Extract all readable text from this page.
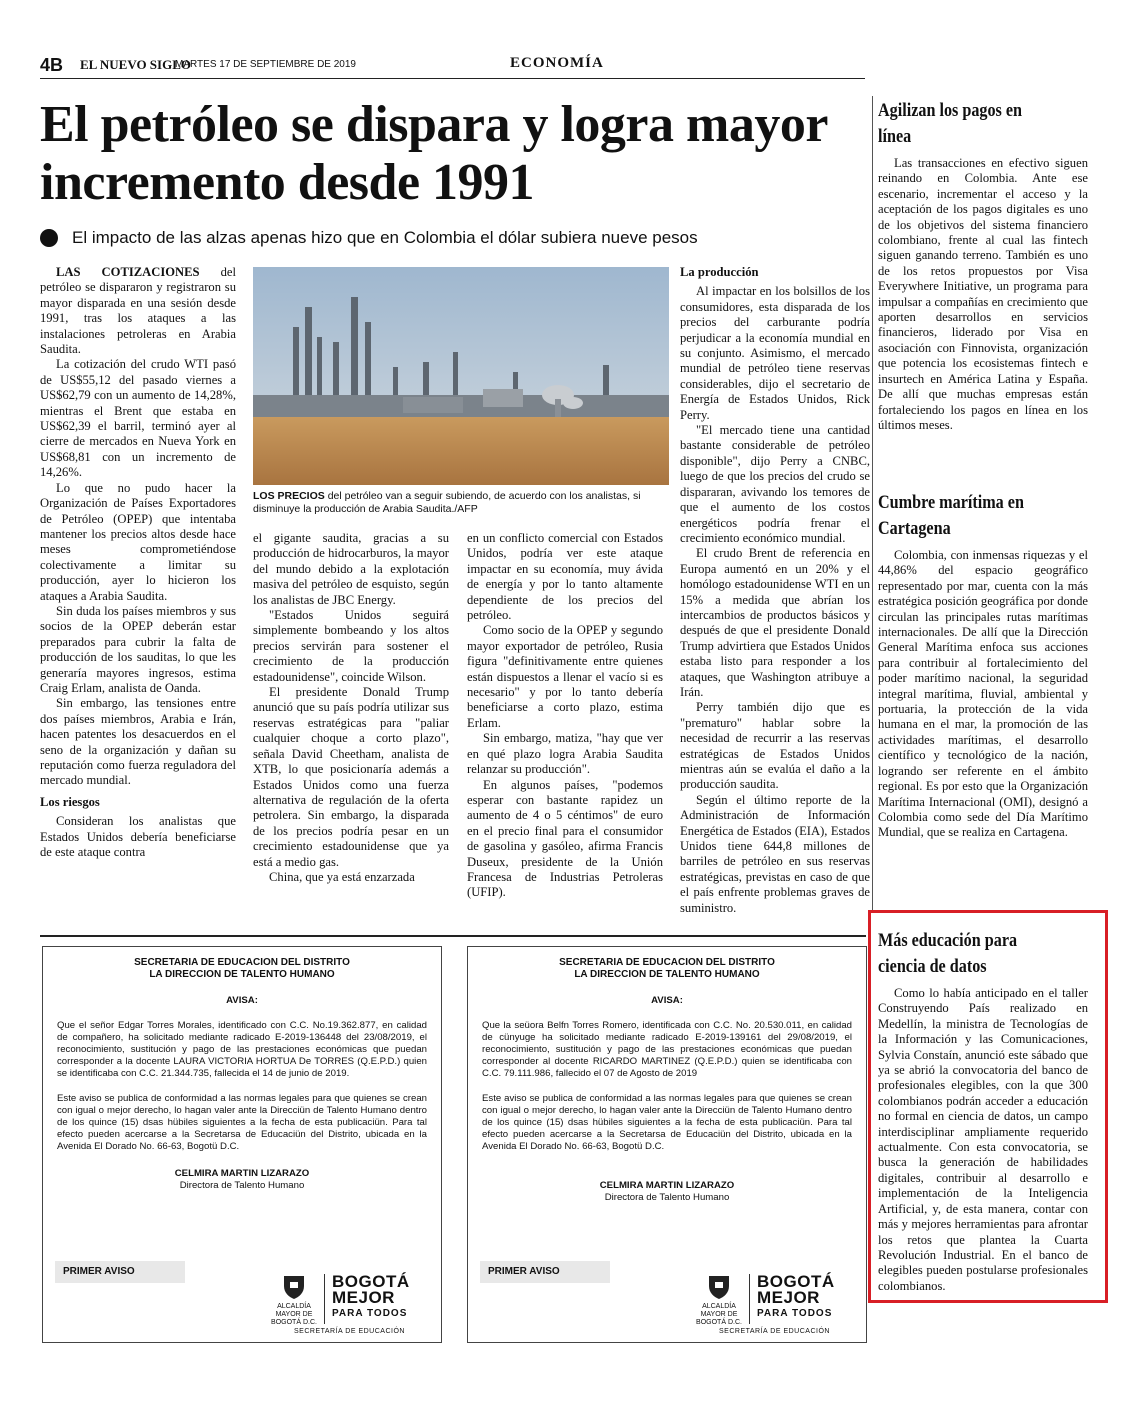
4B EL NUEVO SIGLO
MARTES 17 DE SEPTIEMBRE DE 2019	ECONOMÍA
El petróleo se dispara y logra mayor incremento desde 1991
El impacto de las alzas apenas hizo que en Colombia el dólar subiera nueve pesos

LAS COTIZACIONES del petróleo se dispararon y registraron su mayor disparada en una sesión desde 1991, tras los ataques a las instalaciones petroleras en Arabia Saudita.

La cotización del crudo WTI pasó de US$55,12 del pasado viernes a US$62,79 con un aumento de 14,28%, mientras el Brent que estaba en US$62,39 el barril, terminó ayer al cierre de mercados en Nueva York en US$68,81 con un incremento de 14,26%.

Lo que no pudo hacer la Organización de Países Exportadores de Petróleo (OPEP) que intentaba mantener los precios altos desde hace meses comprometiéndose colectivamente a limitar su producción, ayer lo hicieron los ataques a Arabia Saudita.

Sin duda los países miembros y sus socios de la OPEP deberán estar preparados para cubrir la falta de producción de los sauditas, lo que les generaría mayores ingresos, estima Craig Erlam, analista de Oanda.

Sin embargo, las tensiones entre dos países miembros, Arabia e Irán, hacen patentes los desacuerdos en el seno de la organización y dañan su reputación como fuerza reguladora del mercado mundial.

Los riesgos

Consideran los analistas que Estados Unidos debería beneficiarse de este ataque contra

LOS PRECIOS del petróleo van a seguir subiendo, de acuerdo con los analistas, si disminuye la producción de Arabia Saudita./AFP

el gigante saudita, gracias a su producción de hidrocarburos, la mayor del mundo debido a la explotación masiva del petróleo de esquisto, según los analistas de JBC Energy.

"Estados Unidos seguirá simplemente bombeando y los altos precios servirán para sostener el crecimiento de la producción estadounidense", coincide Wilson.

El presidente Donald Trump anunció que su país podría utilizar sus reservas estratégicas para "paliar cualquier choque a corto plazo", señala David Cheetham, analista de XTB, lo que posicionaría además a Estados Unidos como una fuerza alternativa de regulación de la oferta petrolera. Sin embargo, la disparada de los precios podría pesar en un crecimiento estadounidense que ya está a medio gas.

China, que ya está enzarzada

en un conflicto comercial con Estados Unidos, podría ver este ataque impactar en su economía, muy ávida de energía y por lo tanto altamente dependiente de los precios del petróleo.

Como socio de la OPEP y segundo mayor exportador de petróleo, Rusia figura "definitivamente entre quienes están dispuestos a llenar el vacío si es necesario" y por lo tanto debería beneficiarse a corto plazo, estima Erlam.

Sin embargo, matiza, "hay que ver en qué plazo logra Arabia Saudita relanzar su producción".

En algunos países, "podemos esperar con bastante rapidez un aumento de 4 o 5 céntimos" de euro en el precio final para el consumidor de gasolina y gasóleo, afirma Francis Duseux, presidente de la Unión Francesa de Industrias Petroleras (UFIP).

La producción

Al impactar en los bolsillos de los consumidores, esta disparada de los precios del carburante podría perjudicar a la economía mundial en su conjunto. Asimismo, el mercado mundial de petróleo tiene reservas considerables, dijo el secretario de Energía de Estados Unidos, Rick Perry.

"El mercado tiene una cantidad bastante considerable de petróleo disponible", dijo Perry a CNBC, luego de que los precios del crudo se dispararan, avivando los temores de que el aumento de los costos energéticos podría frenar el crecimiento económico mundial.

El crudo Brent de referencia en Europa aumentó en un 20% y el homólogo estadounidense WTI en un 15% a medida que abrían los intercambios de productos básicos y después de que el presidente Donald Trump advirtiera que Estados Unidos estaba listo para responder a los ataques, que Washington atribuye a Irán.

Perry también dijo que es "prematuro" hablar sobre la necesidad de recurrir a las reservas estratégicas de Estados Unidos mientras aún se evalúa el daño a la producción saudita.

Según el último reporte de la Administración de Información Energética de Estados (EIA), Estados Unidos tiene 644,8 millones de barriles de petróleo en sus reservas estratégicas, previstas en caso de que el país enfrente problemas graves de suministro.

Agilizan los pagos en línea

Las transacciones en efectivo siguen reinando en Colombia. Ante ese escenario, incrementar el acceso y la aceptación de los pagos digitales es uno de los objetivos del sistema financiero colombiano, frente al cual las fintech siguen ganando terreno. También es uno de los retos propuestos por Visa Everywhere Initiative, un programa para impulsar a compañías en crecimiento que aporten desarrollos en servicios financieros, liderado por Visa en asociación con Finnovista, organización que potencia los ecosistemas fintech e insurtech en América Latina y España. De allí que muchas empresas están fortaleciendo los pagos en línea en los últimos meses.

Cumbre marítima en Cartagena

Colombia, con inmensas riquezas y el 44,86% del espacio geográfico representado por mar, cuenta con la más estratégica posición geográfica por donde circulan las principales rutas marítimas internacionales. De allí que la Dirección General Marítima enfoca sus acciones para contribuir al fortalecimiento del poder marítimo nacional, la seguridad integral marítima, fluvial, ambiental y portuaria, la protección de la vida humana en el mar, la promoción de las actividades marítimas, el desarrollo científico y tecnológico de la nación, logrando ser referente en el ámbito regional. Es por esto que la Organización Marítima Internacional (OMI), designó a Colombia como sede del Día Marítimo Mundial, que se realiza en Cartagena.

Más educación para ciencia de datos

Como lo había anticipado en el taller Construyendo País realizado en Medellín, la ministra de Tecnologías de la Información y las Comunicaciones, Sylvia Constaín, anunció este sábado que ya se abrió la convocatoria del banco de profesionales elegibles, con la que 300 colombianos podrán acceder a educación no formal en ciencia de datos, un campo interdisciplinar ampliamente requerido actualmente. Con esta convocatoria, se busca la generación de habilidades digitales, contribuir al desarrollo e implementación de la Inteligencia Artificial, y, de esta manera, contar con más y mejores herramientas para afrontar los retos que plantea la Cuarta Revolución Industrial. En el banco de elegibles pueden postularse profesionales colombianos.

SECRETARIA DE EDUCACION DEL DISTRITO
LA DIRECCION DE TALENTO HUMANO
AVISA:

Que el señor Edgar Torres Morales, identificado con C.C. No.19.362.877, en calidad de compañero, ha solicitado mediante radicado E-2019-136448 del 23/08/2019, el reconocimiento, sustitución y pago de las prestaciones económicas que puedan corresponder a la docente LAURA VICTORIA HORTUA De TORRES (Q.E.P.D.) quien se identificaba con C.C. 21.344.735, fallecida el 14 de junio de 2019.

Este aviso se publica de conformidad a las normas legales para que quienes se crean con igual o mejor derecho, lo hagan valer ante la Direcciün de Talento Humano dentro de los quince (15) dsas hübiles siguientes a la fecha de esta publicaciün. Para tal efecto pueden acercarse a la Secretarsa de Educaciün del Distrito, ubicada en la Avenida El Dorado No. 66-63, Bogotü D.C.

CELMIRA MARTIN LIZARAZO
Directora de Talento Humano
PRIMER AVISO
ALCALDÍA MAYOR DE BOGOTÁ D.C.
BOGOTÁ
MEJOR
PARA TODOS
SECRETARÍA DE EDUCACIÓN
SECRETARIA DE EDUCACION DEL DISTRITO
LA DIRECCION DE TALENTO HUMANO
AVISA:

Que la seüora Belfn Torres Romero, identificada con C.C. No. 20.530.011, en calidad de cünyuge ha solicitado mediante radicado E-2019-139161 del 29/08/2019, el reconocimiento, sustitución y pago de las prestaciones económicas que puedan corresponder al docente RICARDO MARTINEZ (Q.E.P.D.) quien se identificaba con C.C. 79.111.986, fallecido el 07 de Agosto de 2019

Este aviso se publica de conformidad a las normas legales para que quienes se crean con igual o mejor derecho, lo hagan valer ante la Direcciün de Talento Humano dentro de los quince (15) dsas hübiles siguientes a la fecha de esta publicaciün. Para tal efecto pueden acercarse a la Secretarsa de Educaciün del Distrito, ubicada en la Avenida El Dorado No. 66-63, Bogotü D.C.

CELMIRA MARTIN LIZARAZO
Directora de Talento Humano
PRIMER AVISO
ALCALDÍA MAYOR DE BOGOTÁ D.C.
BOGOTÁ
MEJOR
PARA TODOS
SECRETARÍA DE EDUCACIÓN
